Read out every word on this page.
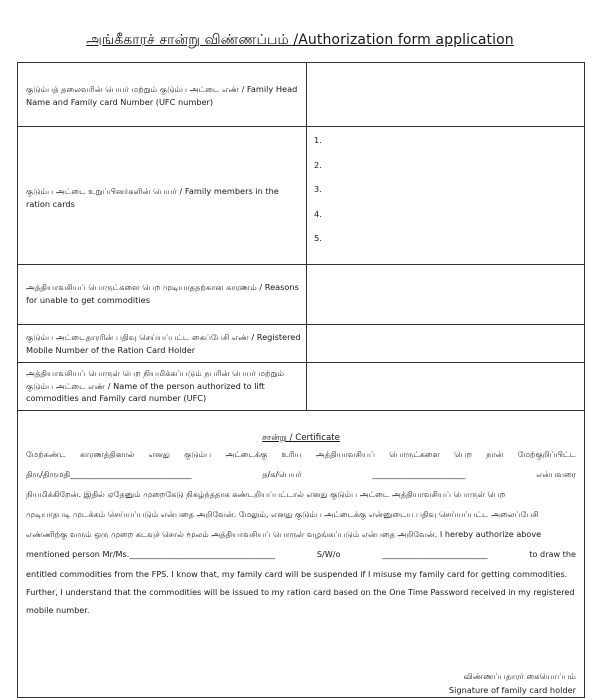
அங்கீகாரச் சான்று விண்ணப்பம் /Authorization form application
குடும்பத் தலைவரின் பெயர் மற்றும் குடும்ப அட்டை எண் / Family Head Name and Family card Number (UFC number)
குடும்ப அட்டை உறுப்பினர்களின் பெயர் / Family members in the ration cards
1.
2.
3.
4.
5.
அத்தியாவசியப் பொருட்களை பெற முடியாததற்கான காரணம் / Reasons for unable to get commodities
குடும்ப அட்டைதாரரின் பதிவு செய்யப்பட்ட கைப்பேசி எண் / Registered Mobile Number of the Ration Card Holder
அத்தியாவசியப் பொருள் பெற நியமிக்கப்படும் நபரின் பெயர் மற்றும் குடும்ப அட்டை எண் / Name of the person authorized to lift commodities and Family card number (UFC)
சான்று / Certificate
மேற்கண்ட காரணத்தினால் எனது குடும்ப அட்டைக்கு உரிய அத்தியாவசியப் பொருட்களை பெற நான் மேற்குறிப்பிட்ட
திரு/திருமதி______________________________	த/க/பெயர்	_______________________	என்பவரை
நியமிக்கிறேன். இதில் ஏதேனும் முறைகேடு நிகழ்ந்ததாக கண்டறியப்பட்டால் எனது குடும்ப அட்டை அத்தியாவசியப் பொருள் பெற
முடியாதபடி முடக்கம் செய்யப்படும் என்பதை அறிவேன். மேலும், எனது குடும்ப அட்டைக்கு என்னுடைய பதிவு செய்யப்பட்ட அலைப்பேசி
எண்ணிற்கு வரும் ஒரு முறை கடவுச் சொல் மூலம் அத்தியாவசியப் பொருள் வழங்கப்படும் என்பதை அறிவேன். I hereby authorize above
mentioned person Mr/Ms.____________________________________	S/W/o	__________________________	to draw the
entitled commodities from the FPS. I know that, my family card will be suspended if I misuse my family card for getting commodities.
Further, I understand that the commodities will be issued to my ration card based on the One Time Password received in my registered
mobile number.
விண்ணப்பதாரர் கையொப்பம்
Signature of family card holder
